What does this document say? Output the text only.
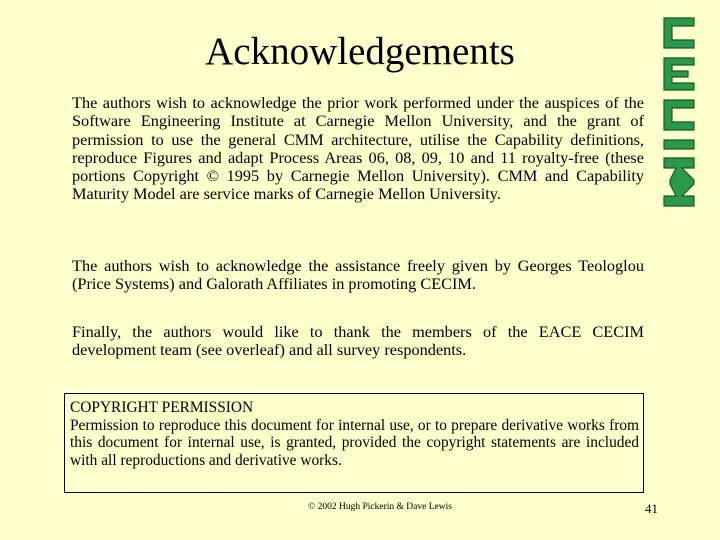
Acknowledgements

The authors wish to acknowledge the prior work performed under the auspices of the Software Engineering Institute at Carnegie Mellon University, and the grant of permission to use the general CMM architecture, utilise the Capability definitions, reproduce Figures and adapt Process Areas 06, 08, 09, 10 and 11 royalty-free (these portions Copyright © 1995 by Carnegie Mellon University). CMM and Capability Maturity Model are service marks of Carnegie Mellon University.

The authors wish to acknowledge the assistance freely given by Georges Teologlou (Price Systems) and Galorath Affiliates in promoting CECIM.

Finally, the authors would like to thank the members of the EACE CECIM development team (see overleaf) and all survey respondents.

COPYRIGHT PERMISSION
Permission to reproduce this document for internal use, or to prepare derivative works from this document for internal use, is granted, provided the copyright statements are included with all reproductions and derivative works.
© 2002 Hugh Pickerin & Dave Lewis	41
